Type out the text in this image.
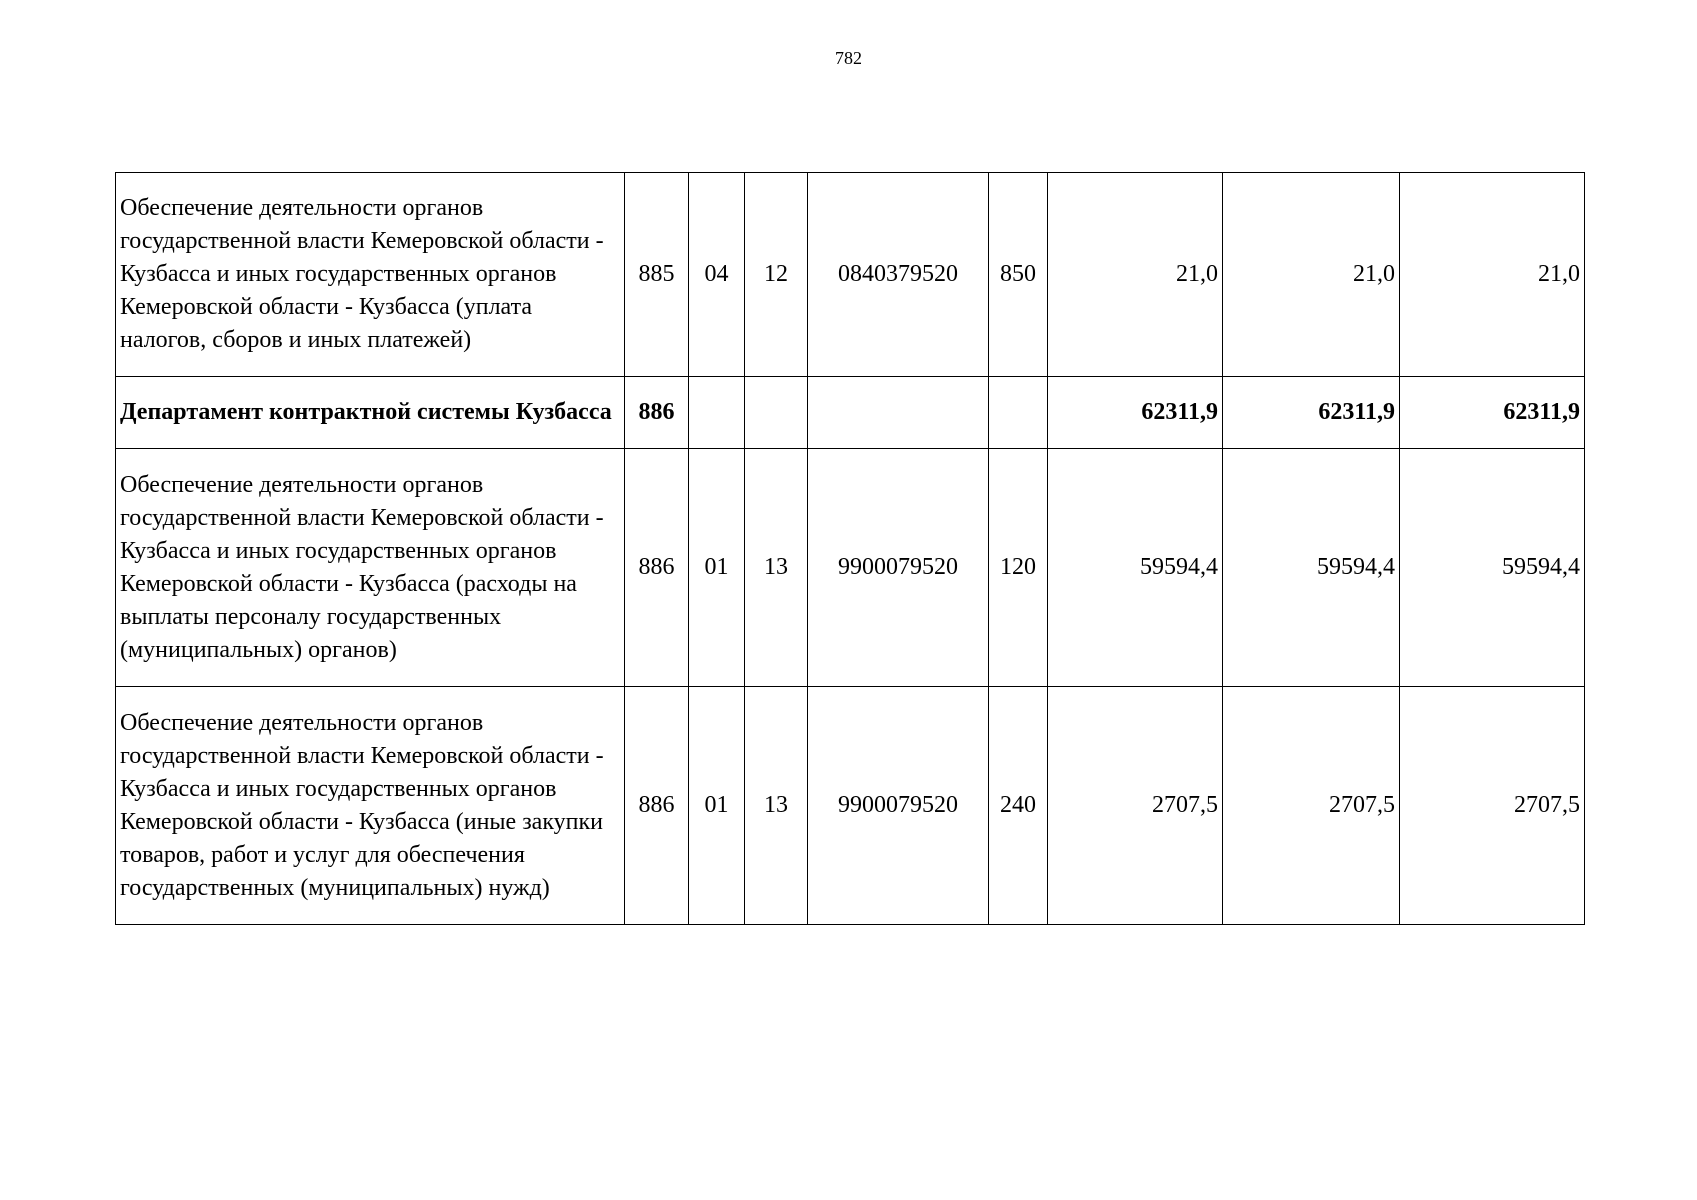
782
Обеспечение деятельности органов государственной власти Кемеровской области - Кузбасса и иных государственных органов Кемеровской области - Кузбасса (уплата налогов, сборов и иных платежей)	885	04	12	0840379520	850	21,0	21,0	21,0
Департамент контрактной системы Кузбасса	886					62311,9	62311,9	62311,9
Обеспечение деятельности органов государственной власти Кемеровской области - Кузбасса и иных государственных органов Кемеровской области - Кузбасса (расходы на выплаты персоналу государственных (муниципальных) органов)	886	01	13	9900079520	120	59594,4	59594,4	59594,4
Обеспечение деятельности органов государственной власти Кемеровской области - Кузбасса и иных государственных органов Кемеровской области - Кузбасса (иные закупки товаров, работ и услуг для обеспечения государственных (муниципальных) нужд)	886	01	13	9900079520	240	2707,5	2707,5	2707,5
